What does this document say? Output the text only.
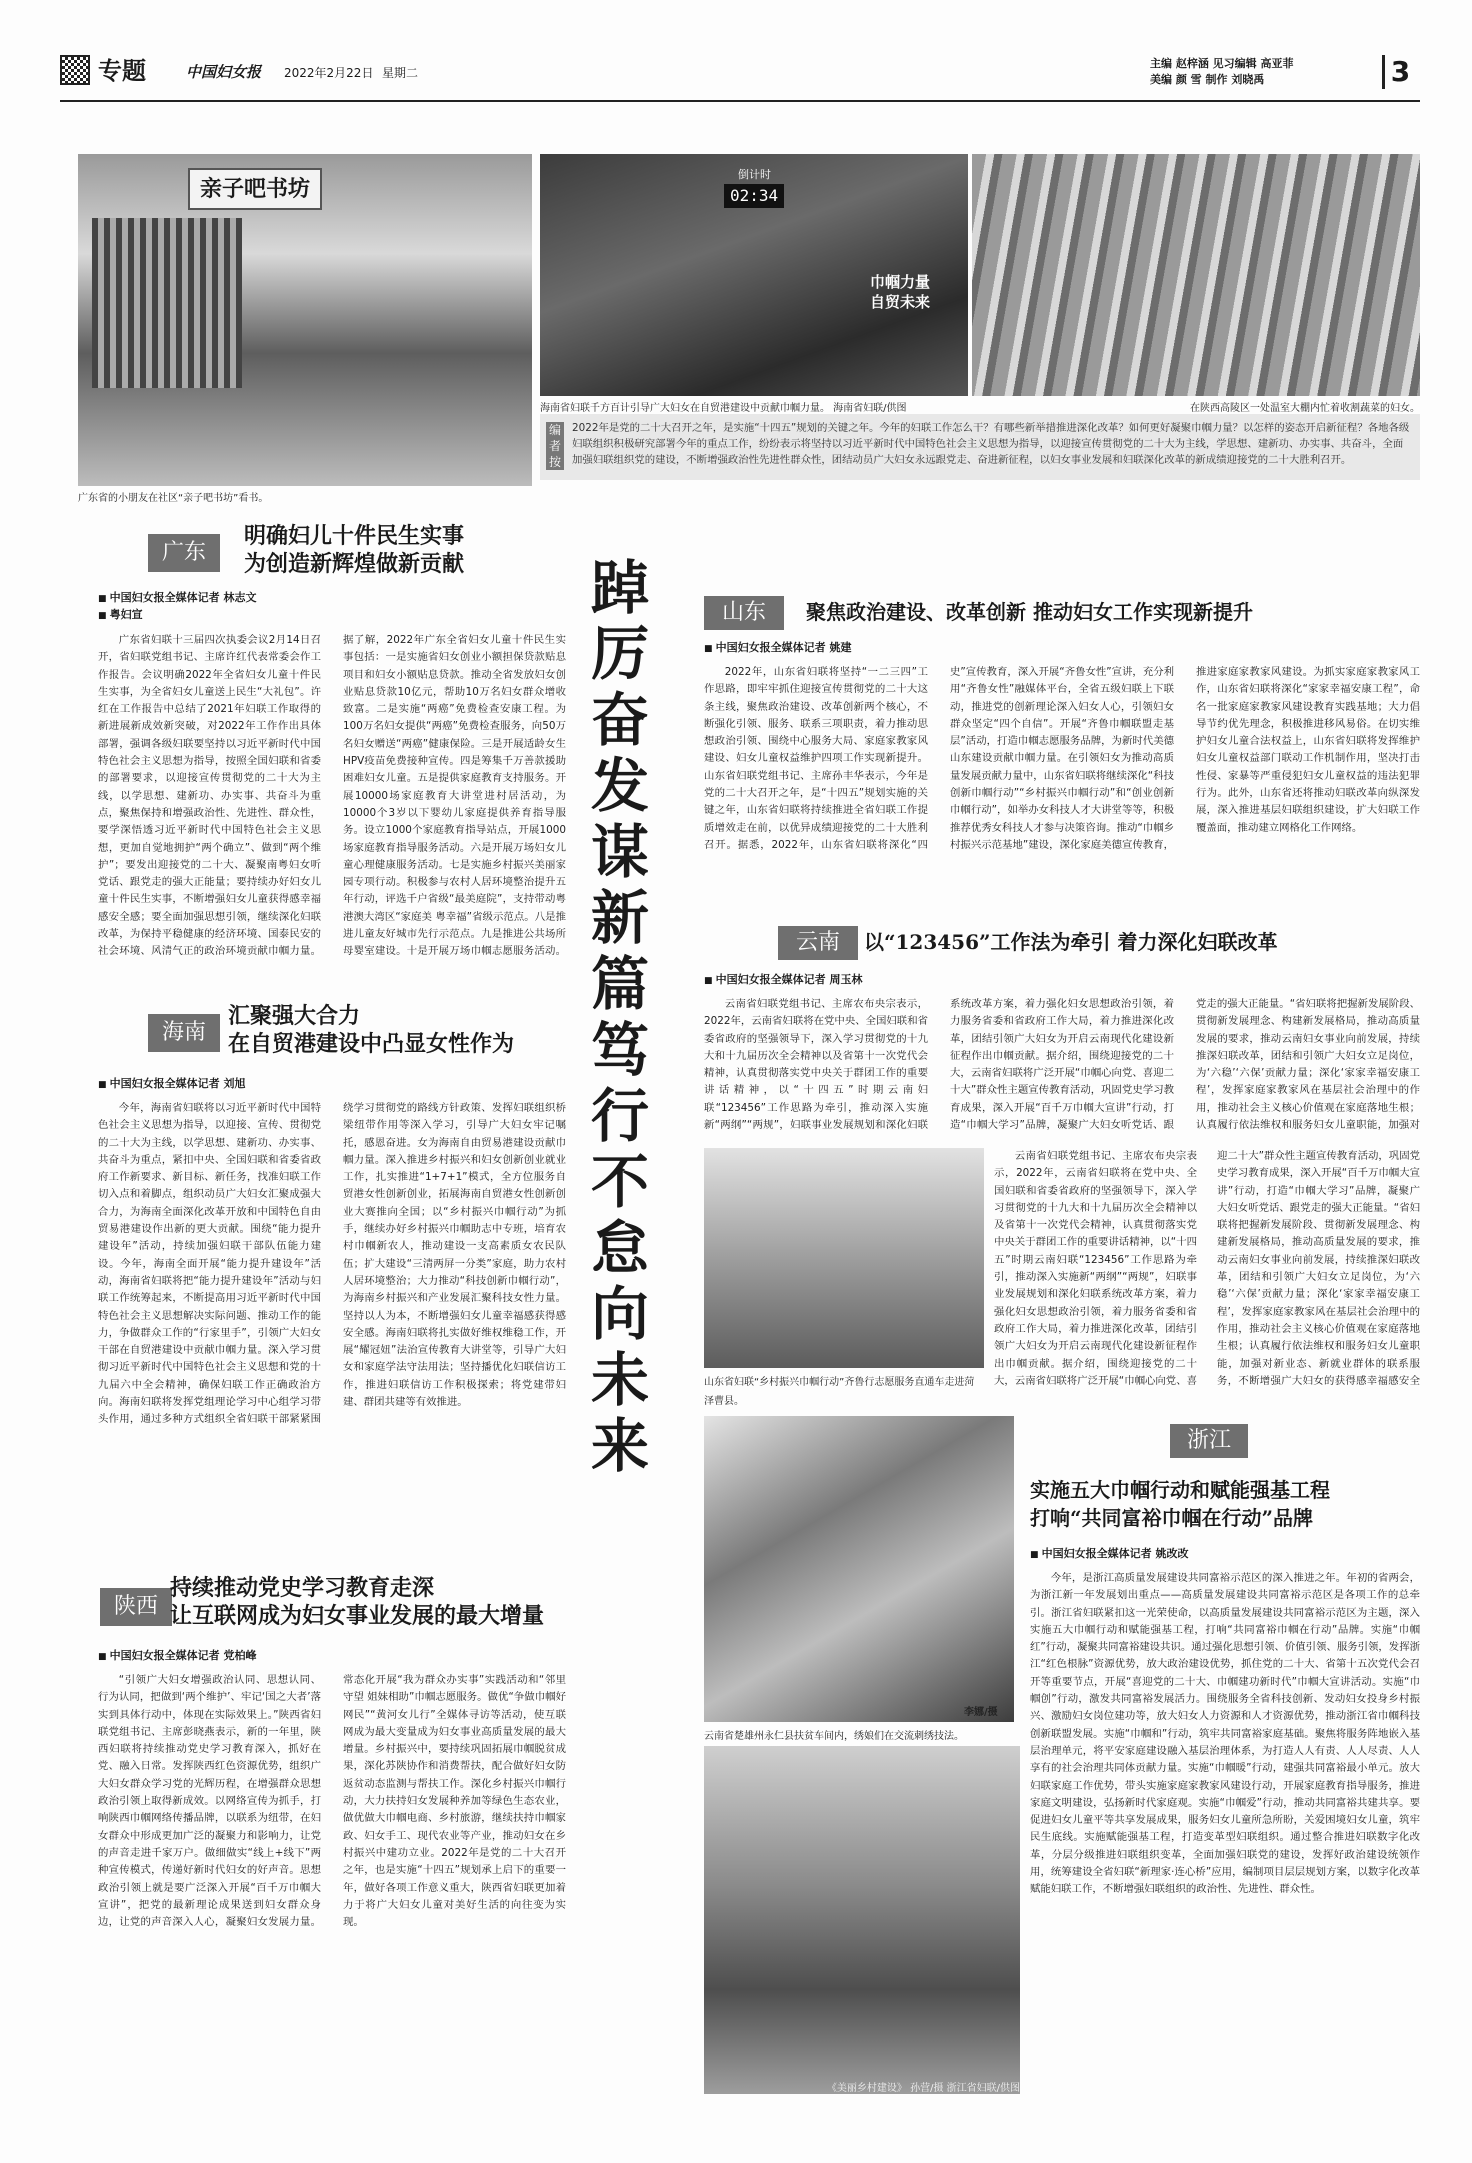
专题	中国妇女报 2022年2月22日 星期二
主编 赵梓涵 见习编辑 高亚菲
美编 颜 雪 制作 刘晓禹	3
亲子吧书坊
广东省的小朋友在社区“亲子吧书坊”看书。
倒计时
02:34
巾帼力量 自贸未来
海南省妇联千方百计引导广大妇女在自贸港建设中贡献巾帼力量。 海南省妇联/供图	在陕西高陵区一处温室大棚内忙着收割蔬菜的妇女。
编者按
2022年是党的二十大召开之年，是实施“十四五”规划的关键之年。今年的妇联工作怎么干？有哪些新举措推进深化改革？如何更好凝聚巾帼力量？以怎样的姿态开启新征程？各地各级妇联组织积极研究部署今年的重点工作，纷纷表示将坚持以习近平新时代中国特色社会主义思想为指导，以迎接宣传贯彻党的二十大为主线，学思想、建新功、办实事、共奋斗，全面加强妇联组织党的建设，不断增强政治性先进性群众性，团结动员广大妇女永远跟党走、奋进新征程，以妇女事业发展和妇联深化改革的新成绩迎接党的二十大胜利召开。
踔厉奋发谋新篇 笃行不怠向未来
广东
明确妇儿十件民生实事
为创造新辉煌做新贡献
■ 中国妇女报全媒体记者 林志文
■ 粤妇宣
广东省妇联十三届四次执委会议2月14日召开，省妇联党组书记、主席许红代表常委会作工作报告。会议明确2022年全省妇女儿童十件民生实事，为全省妇女儿童送上民生“大礼包”。许红在工作报告中总结了2021年妇联工作取得的新进展新成效新突破，对2022年工作作出具体部署，强调各级妇联要坚持以习近平新时代中国特色社会主义思想为指导，按照全国妇联和省委的部署要求，以迎接宣传贯彻党的二十大为主线，以学思想、建新功、办实事、共奋斗为重点，聚焦保持和增强政治性、先进性、群众性，要学深悟透习近平新时代中国特色社会主义思想，更加自觉地拥护“两个确立”、做到“两个维护”；要发出迎接党的二十大、凝聚南粤妇女听党话、跟党走的强大正能量；要持续办好妇女儿童十件民生实事，不断增强妇女儿童获得感幸福感安全感；要全面加强思想引领，继续深化妇联改革，为保持平稳健康的经济环境、国泰民安的社会环境、风清气正的政治环境贡献巾帼力量。据了解，2022年广东全省妇女儿童十件民生实事包括：一是实施省妇女创业小额担保贷款贴息项目和妇女小额贴息贷款。推动全省发放妇女创业贴息贷款10亿元，帮助10万名妇女群众增收致富。二是实施“两癌”免费检查安康工程。为100万名妇女提供“两癌”免费检查服务，向50万名妇女赠送“两癌”健康保险。三是开展适龄女生HPV疫苗免费接种宣传。四是筹集千万善款援助困难妇女儿童。五是提供家庭教育支持服务。开展10000场家庭教育大讲堂进村居活动，为10000个3岁以下婴幼儿家庭提供养育指导服务。设立1000个家庭教育指导站点，开展1000场家庭教育指导服务活动。六是开展万场妇女儿童心理健康服务活动。七是实施乡村振兴美丽家园专项行动。积极参与农村人居环境整治提升五年行动，评选千户省级“最美庭院”，支持带动粤港澳大湾区“家庭美 粤幸福”省级示范点。八是推进儿童友好城市先行示范点。九是推进公共场所母婴室建设。十是开展万场巾帼志愿服务活动。
海南
汇聚强大合力
在自贸港建设中凸显女性作为
■ 中国妇女报全媒体记者 刘旭
今年，海南省妇联将以习近平新时代中国特色社会主义思想为指导，以迎接、宣传、贯彻党的二十大为主线，以学思想、建新功、办实事、共奋斗为重点，紧扣中央、全国妇联和省委省政府工作新要求、新目标、新任务，找准妇联工作切入点和着脚点，组织动员广大妇女汇聚成强大合力，为海南全面深化改革开放和中国特色自由贸易港建设作出新的更大贡献。围绕“能力提升建设年”活动，持续加强妇联干部队伍能力建设。今年，海南全面开展“能力提升建设年”活动，海南省妇联将把“能力提升建设年”活动与妇联工作统筹起来，不断提高用习近平新时代中国特色社会主义思想解决实际问题、推动工作的能力，争做群众工作的“行家里手”，引领广大妇女干部在自贸港建设中贡献巾帼力量。深入学习贯彻习近平新时代中国特色社会主义思想和党的十九届六中全会精神，确保妇联工作正确政治方向。海南妇联将发挥党组理论学习中心组学习带头作用，通过多种方式组织全省妇联干部紧紧围绕学习贯彻党的路线方针政策、发挥妇联组织桥梁纽带作用等深入学习，引导广大妇女牢记嘱托，感恩奋进。女为海南自由贸易港建设贡献巾帼力量。深入推进乡村振兴和妇女创新创业就业工作，扎实推进“1+7+1”模式，全方位服务自贸港女性创新创业，拓展海南自贸港女性创新创业大赛推向全国；以“乡村振兴巾帼行动”为抓手，继续办好乡村振兴巾帼助志中专班，培育农村巾帼新农人，推动建设一支高素质女农民队伍；扩大建设“三清两屏一分类”家庭，助力农村人居环境整治；大力推动“科技创新巾帼行动”，为海南乡村振兴和产业发展汇聚科技女性力量。坚持以人为本，不断增强妇女儿童幸福感获得感安全感。海南妇联将扎实做好维权维稳工作，开展“耀冠妞”法治宣传教育大讲堂等，引导广大妇女和家庭学法守法用法；坚持播优化妇联信访工作，推进妇联信访工作积极探索；将党建带妇建、群团共建等有效推进。
陕西
持续推动党史学习教育走深
让互联网成为妇女事业发展的最大增量
■ 中国妇女报全媒体记者 党柏峰
“引领广大妇女增强政治认同、思想认同、行为认同，把做到‘两个维护’、牢记‘国之大者’落实到具体行动中，体现在实际效果上。”陕西省妇联党组书记、主席彭晓燕表示，新的一年里，陕西妇联将持续推动党史学习教育深入，抓好在党、融入日常。发挥陕西红色资源优势，组织广大妇女群众学习党的光辉历程，在增强群众思想政治引领上取得新成效。以网络宣传为抓手，打响陕西巾帼网络传播品牌，以联系为纽带，在妇女群众中形成更加广泛的凝聚力和影响力，让党的声音走进千家万户。做细做实“线上+线下”两种宣传模式，传递好新时代妇女的好声音。思想政治引领上就是要广泛深入开展“百千万巾帼大宣讲”，把党的最新理论成果送到妇女群众身边，让党的声音深入人心，凝聚妇女发展力量。常态化开展“我为群众办实事”实践活动和“邻里守望 姐妹相助”巾帼志愿服务。做优“争做巾帼好网民”“黄河女儿行”全媒体寻访等活动，使互联网成为最大变量成为妇女事业高质量发展的最大增量。乡村振兴中，要持续巩固拓展巾帼脱贫成果，深化苏陕协作和消费帮扶，配合做好妇女防返贫动态监测与帮扶工作。深化乡村振兴巾帼行动，大力扶持妇女发展种养加等绿色生态农业，做优做大巾帼电商、乡村旅游，继续扶持巾帼家政、妇女手工、现代农业等产业，推动妇女在乡村振兴中建功立业。2022年是党的二十大召开之年，也是实施“十四五”规划承上启下的重要一年，做好各项工作意义重大，陕西省妇联更加着力于将广大妇女儿童对美好生活的向往变为实现。
山东	聚焦政治建设、改革创新 推动妇女工作实现新提升
■ 中国妇女报全媒体记者 姚建
2022年，山东省妇联将坚持“一二三四”工作思路，即牢牢抓住迎接宣传贯彻党的二十大这条主线，聚焦政治建设、改革创新两个核心，不断强化引领、服务、联系三项职责，着力推动思想政治引领、围绕中心服务大局、家庭家教家风建设、妇女儿童权益维护四项工作实现新提升。山东省妇联党组书记、主席孙丰华表示，今年是党的二十大召开之年，是“十四五”规划实施的关键之年，山东省妇联将持续推进全省妇联工作提质增效走在前，以优异成绩迎接党的二十大胜利召开。据悉，2022年，山东省妇联将深化“四史”宣传教育，深入开展“齐鲁女性”宣讲，充分利用“齐鲁女性”融媒体平台，全省五级妇联上下联动，推进党的创新理论深入妇女人心，引领妇女群众坚定“四个自信”。开展“齐鲁巾帼联盟走基层”活动，打造巾帼志愿服务品牌，为新时代美德山东建设贡献巾帼力量。在引领妇女为推动高质量发展贡献力量中，山东省妇联将继续深化“科技创新巾帼行动”“乡村振兴巾帼行动”和“创业创新巾帼行动”，如举办女科技人才大讲堂等等，积极推荐优秀女科技人才参与决策咨询。推动“巾帼乡村振兴示范基地”建设，深化家庭美德宣传教育，推进家庭家教家风建设。为抓实家庭家教家风工作，山东省妇联将深化“家家幸福安康工程”，命名一批家庭家教家风建设教育实践基地；大力倡导节约优先理念，积极推进移风易俗。在切实维护妇女儿童合法权益上，山东省妇联将发挥维护妇女儿童权益部门联动工作机制作用，坚决打击性侵、家暴等严重侵犯妇女儿童权益的违法犯罪行为。此外，山东省还将推动妇联改革向纵深发展，深入推进基层妇联组织建设，扩大妇联工作覆盖面，推动建立网格化工作网络。
云南	以“123456”工作法为牵引 着力深化妇联改革
■ 中国妇女报全媒体记者 周玉林
云南省妇联党组书记、主席农布央宗表示，2022年，云南省妇联将在党中央、全国妇联和省委省政府的坚强领导下，深入学习贯彻党的十九大和十九届历次全会精神以及省第十一次党代会精神，认真贯彻落实党中央关于群团工作的重要讲话精神，以“十四五”时期云南妇联“123456”工作思路为牵引，推动深入实施新“两纲”“两规”，妇联事业发展规划和深化妇联系统改革方案，着力强化妇女思想政治引领，着力服务省委和省政府工作大局，着力推进深化改革，团结引领广大妇女为开启云南现代化建设新征程作出巾帼贡献。据介绍，围绕迎接党的二十大，云南省妇联将广泛开展“巾帼心向党、喜迎二十大”群众性主题宣传教育活动，巩固党史学习教育成果，深入开展“百千万巾帼大宣讲”行动，打造“巾帼大学习”品牌，凝聚广大妇女听党话、跟党走的强大正能量。“省妇联将把握新发展阶段、贯彻新发展理念、构建新发展格局，推动高质量发展的要求，推动云南妇女事业向前发展，持续推深妇联改革，团结和引领广大妇女立足岗位，为‘六稳’‘六保’贡献力量；深化‘家家幸福安康工程’，发挥家庭家教家风在基层社会治理中的作用，推动社会主义核心价值观在家庭落地生根；认真履行依法维权和服务妇女儿童职能，加强对
山东省妇联“乡村振兴巾帼行动”齐鲁行志愿服务直通车走进菏泽曹县。
云南省妇联党组书记、主席农布央宗表示，2022年，云南省妇联将在党中央、全国妇联和省委省政府的坚强领导下，深入学习贯彻党的十九大和十九届历次全会精神以及省第十一次党代会精神，认真贯彻落实党中央关于群团工作的重要讲话精神，以“十四五”时期云南妇联“123456”工作思路为牵引，推动深入实施新“两纲”“两规”，妇联事业发展规划和深化妇联系统改革方案，着力强化妇女思想政治引领，着力服务省委和省政府工作大局，着力推进深化改革，团结引领广大妇女为开启云南现代化建设新征程作出巾帼贡献。据介绍，围绕迎接党的二十大，云南省妇联将广泛开展“巾帼心向党、喜迎二十大”群众性主题宣传教育活动，巩固党史学习教育成果，深入开展“百千万巾帼大宣讲”行动，打造“巾帼大学习”品牌，凝聚广大妇女听党话、跟党走的强大正能量。“省妇联将把握新发展阶段、贯彻新发展理念、构建新发展格局，推动高质量发展的要求，推动云南妇女事业向前发展，持续推深妇联改革，团结和引领广大妇女立足岗位，为‘六稳’‘六保’贡献力量；深化‘家家幸福安康工程’，发挥家庭家教家风在基层社会治理中的作用，推动社会主义核心价值观在家庭落地生根；认真履行依法维权和服务妇女儿童职能，加强对新业态、新就业群体的联系服务，不断增强广大妇女的获得感幸福感安全
云南省楚雄州永仁县扶贫车间内，绣娘们在交流刺绣技法。
李娜/摄
浙江
实施五大巾帼行动和赋能强基工程
打响“共同富裕巾帼在行动”品牌
■ 中国妇女报全媒体记者 姚改改
今年，是浙江高质量发展建设共同富裕示范区的深入推进之年。年初的省两会，为浙江新一年发展划出重点——高质量发展建设共同富裕示范区是各项工作的总牵引。浙江省妇联紧扣这一光荣使命，以高质量发展建设共同富裕示范区为主题，深入实施五大巾帼行动和赋能强基工程，打响“共同富裕巾帼在行动”品牌。实施“巾帼红”行动，凝聚共同富裕建设共识。通过强化思想引领、价值引领、服务引领，发挥浙江“红色根脉”资源优势，放大政治建设优势，抓住党的二十大、省第十五次党代会召开等重要节点，开展“喜迎党的二十大、巾帼建功新时代”巾帼大宣讲活动。实施“巾帼创”行动，激发共同富裕发展活力。围绕服务全省科技创新、发动妇女投身乡村振兴、激励妇女岗位建功等，放大妇女人力资源和人才资源优势，推动浙江省巾帼科技创新联盟发展。实施“巾帼和”行动，筑牢共同富裕家庭基础。聚焦将服务阵地嵌入基层治理单元，将平安家庭建设融入基层治理体系，为打造人人有责、人人尽责、人人享有的社会治理共同体贡献力量。实施“巾帼暖”行动，建强共同富裕最小单元。放大妇联家庭工作优势，带头实施家庭家教家风建设行动，开展家庭教育指导服务，推进家庭文明建设，弘扬新时代家庭观。实施“巾帼爱”行动，推动共同富裕共建共享。要促进妇女儿童平等共享发展成果，服务妇女儿童所急所盼，关爱困境妇女儿童，筑牢民生底线。实施赋能强基工程，打造变革型妇联组织。通过整合推进妇联数字化改革，分层分级推进妇联组织变革，全面加强妇联党的建设，发挥好政治建设统领作用，统筹建设全省妇联“新理家·连心桥”应用，编制项目层层规划方案，以数字化改革赋能妇联工作，不断增强妇联组织的政治性、先进性、群众性。
《美丽乡村建设》 孙营/摄 浙江省妇联/供图
